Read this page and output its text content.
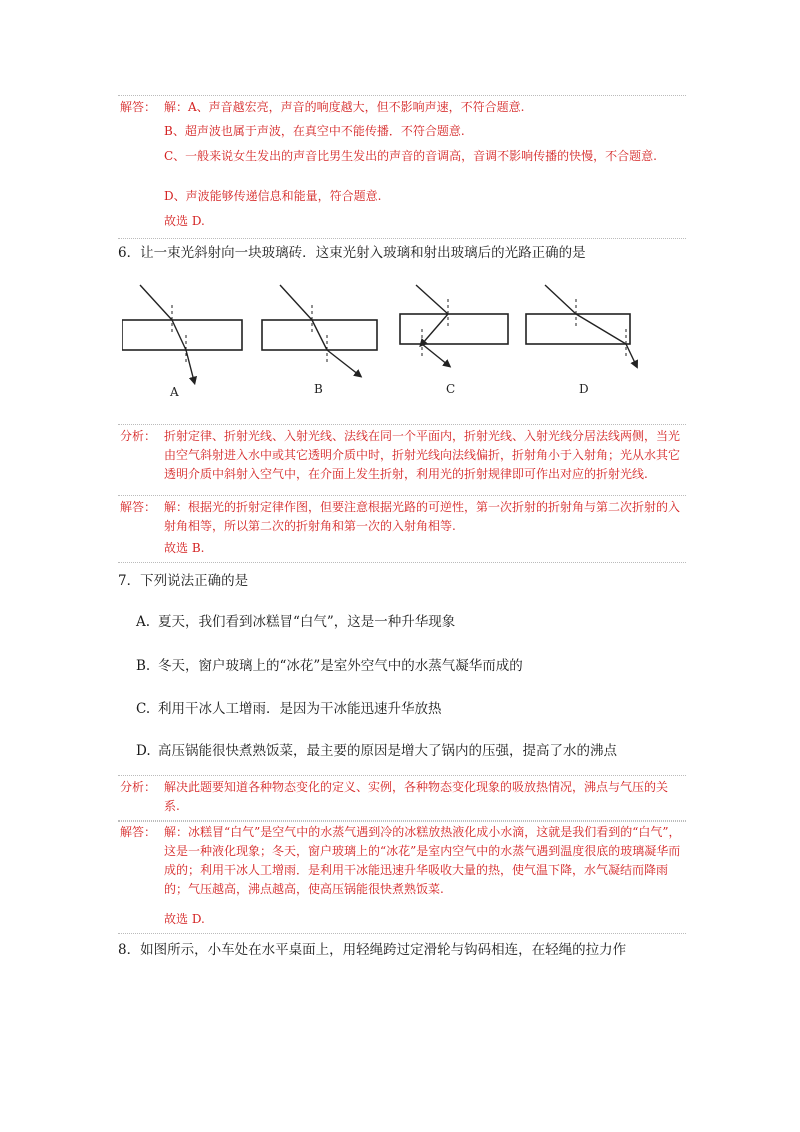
解答： 解：A、声音越宏亮，声音的响度越大，但不影响声速，不符合题意.
B、超声波也属于声波，在真空中不能传播．不符合题意.
C、一般来说女生发出的声音比男生发出的声音的音调高，音调不影响传播的快慢，不合题意.
D、声波能够传递信息和能量，符合题意.
故选 D.
6．让一束光斜射向一块玻璃砖．这束光射入玻璃和射出玻璃后的光路正确的是
A	B	C	D
分析： 折射定律、折射光线、入射光线、法线在同一个平面内，折射光线、入射光线分居法线两侧，当光由空气斜射进入水中或其它透明介质中时，折射光线向法线偏折，折射角小于入射角；光从水其它透明介质中斜射入空气中，在介面上发生折射，利用光的折射规律即可作出对应的折射光线.
解答： 解：根据光的折射定律作图，但要注意根据光路的可逆性，第一次折射的折射角与第二次折射的入射角相等，所以第二次的折射角和第一次的入射角相等.
故选 B.
7．下列说法正确的是
A. 夏天，我们看到冰糕冒“白气”，这是一种升华现象
B. 冬天，窗户玻璃上的“冰花”是室外空气中的水蒸气凝华而成的
C. 利用干冰人工增雨．是因为干冰能迅速升华放热
D. 高压锅能很快煮熟饭菜，最主要的原因是增大了锅内的压强，提高了水的沸点
分析： 解决此题要知道各种物态变化的定义、实例，各种物态变化现象的吸放热情况，沸点与气压的关系.
解答： 解：冰糕冒“白气”是空气中的水蒸气遇到冷的冰糕放热液化成小水滴，这就是我们看到的“白气”，这是一种液化现象；冬天，窗户玻璃上的“冰花”是室内空气中的水蒸气遇到温度很底的玻璃凝华而成的；利用干冰人工增雨．是利用干冰能迅速升华吸收大量的热，使气温下降，水气凝结而降雨的；气压越高，沸点越高，使高压锅能很快煮熟饭菜.
故选 D.
8．如图所示，小车处在水平桌面上，用轻绳跨过定滑轮与钩码相连，在轻绳的拉力作
